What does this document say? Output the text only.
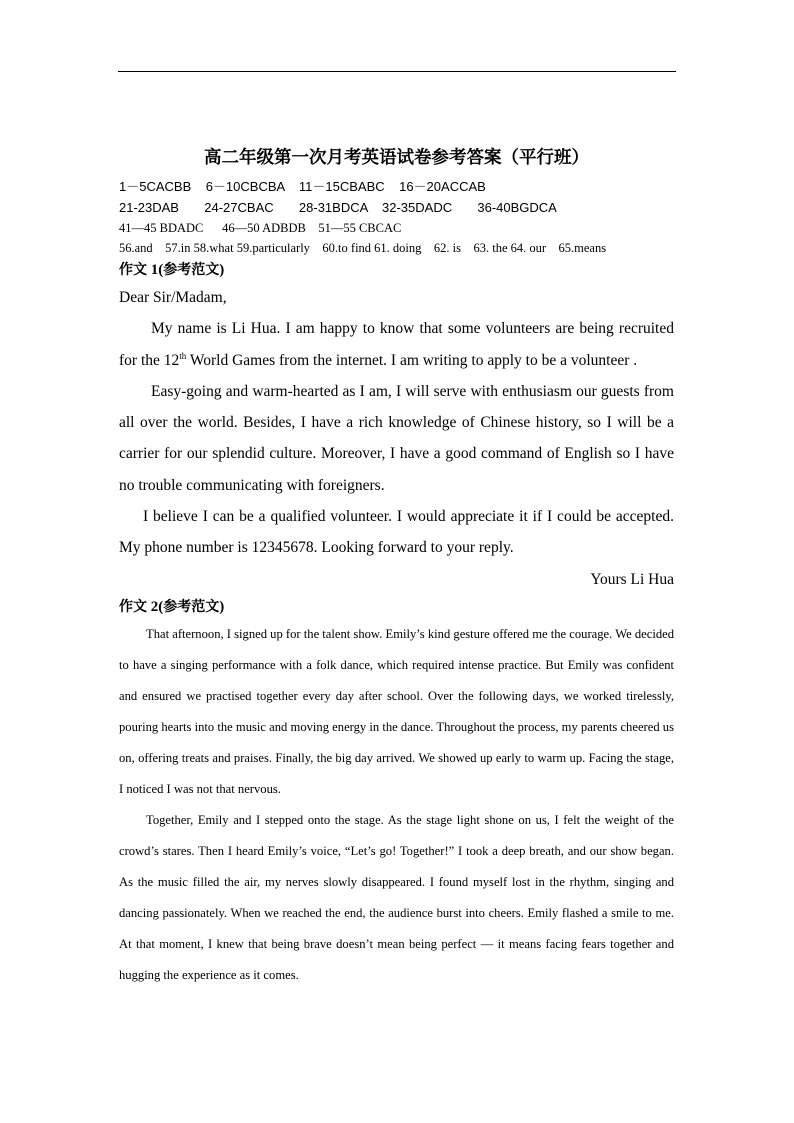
高二年级第一次月考英语试卷参考答案（平行班）

1－5CACBB    6－10CBCBA    11－15CBABC    16－20ACCAB

21-23DAB       24-27CBAC       28-31BDCA    32-35DADC       36-40BGDCA

41—45 BDADC      46—50 ADBDB    51—55 CBCAC

56.and    57.in 58.what 59.particularly    60.to find 61. doing    62. is    63. the 64. our    65.means

作文 1(参考范文)

Dear Sir/Madam,

My name is Li Hua. I am happy to know that some volunteers are being recruited for the 12th World Games from the internet. I am writing to apply to be a volunteer .

Easy-going and warm-hearted as I am, I will serve with enthusiasm our guests from all over the world. Besides, I have a rich knowledge of Chinese history, so I will be a carrier for our splendid culture. Moreover, I have a good command of English so I have no trouble communicating with foreigners.

I believe I can be a qualified volunteer. I would appreciate it if I could be accepted. My phone number is 12345678. Looking forward to your reply.

Yours Li Hua

作文 2(参考范文)

That afternoon, I signed up for the talent show. Emily’s kind gesture offered me the courage. We decided to have a singing performance with a folk dance, which required intense practice. But Emily was confident and ensured we practised together every day after school. Over the following days, we worked tirelessly, pouring hearts into the music and moving energy in the dance. Throughout the process, my parents cheered us on, offering treats and praises. Finally, the big day arrived. We showed up early to warm up. Facing the stage, I noticed I was not that nervous.

Together, Emily and I stepped onto the stage. As the stage light shone on us, I felt the weight of the crowd’s stares. Then I heard Emily’s voice, “Let’s go! Together!” I took a deep breath, and our show began. As the music filled the air, my nerves slowly disappeared. I found myself lost in the rhythm, singing and dancing passionately. When we reached the end, the audience burst into cheers. Emily flashed a smile to me. At that moment, I knew that being brave doesn’t mean being perfect — it means facing fears together and hugging the experience as it comes.
